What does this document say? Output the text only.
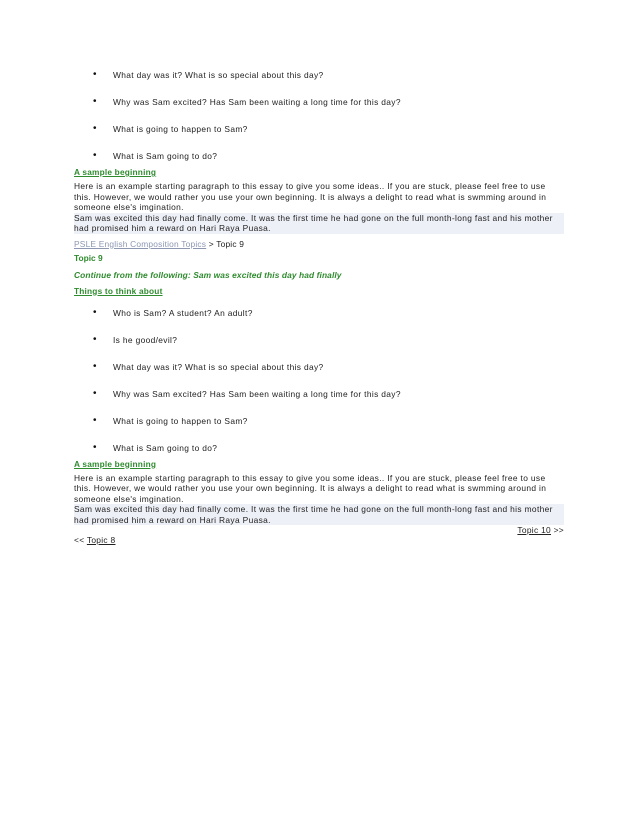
• What day was it? What is so special about this day?
• Why was Sam excited? Has Sam been waiting a long time for this day?
• What is going to happen to Sam?
• What is Sam going to do?
A sample beginning
Here is an example starting paragraph to this essay to give you some ideas.. If you are stuck, please feel free to use this. However, we would rather you use your own beginning. It is always a delight to read what is swmming around in someone else's imgination.
Sam was excited this day had finally come. It was the first time he had gone on the full month-long fast and his mother had promised him a reward on Hari Raya Puasa.
PSLE English Composition Topics > Topic 9
Topic 9
Continue from the following: Sam was excited this day had finally
Things to think about
• Who is Sam? A student? An adult?
• Is he good/evil?
• What day was it? What is so special about this day?
• Why was Sam excited? Has Sam been waiting a long time for this day?
• What is going to happen to Sam?
• What is Sam going to do?
A sample beginning
Here is an example starting paragraph to this essay to give you some ideas.. If you are stuck, please feel free to use this. However, we would rather you use your own beginning. It is always a delight to read what is swmming around in someone else's imgination.
Sam was excited this day had finally come. It was the first time he had gone on the full month-long fast and his mother had promised him a reward on Hari Raya Puasa.
Topic 10 >>
<< Topic 8
